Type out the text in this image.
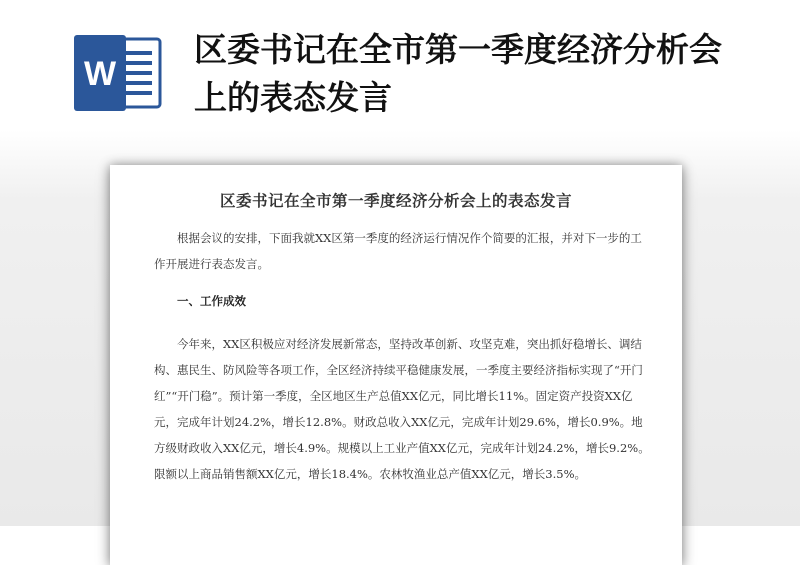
W
区委书记在全市第一季度经济分析会上的表态发言
区委书记在全市第一季度经济分析会上的表态发言

根据会议的安排，下面我就XX区第一季度的经济运行情况作个简要的汇报，并对下一步的工作开展进行表态发言。

一、工作成效

今年来，XX区积极应对经济发展新常态，坚持改革创新、攻坚克难，突出抓好稳增长、调结构、惠民生、防风险等各项工作，全区经济持续平稳健康发展，一季度主要经济指标实现了“开门红”“开门稳”。预计第一季度，全区地区生产总值XX亿元，同比增长11%。固定资产投资XX亿元，完成年计划24.2%，增长12.8%。财政总收入XX亿元，完成年计划29.6%，增长0.9%。地方级财政收入XX亿元，增长4.9%。规模以上工业产值XX亿元，完成年计划24.2%，增长9.2%。限额以上商品销售额XX亿元，增长18.4%。农林牧渔业总产值XX亿元，增长3.5%。
